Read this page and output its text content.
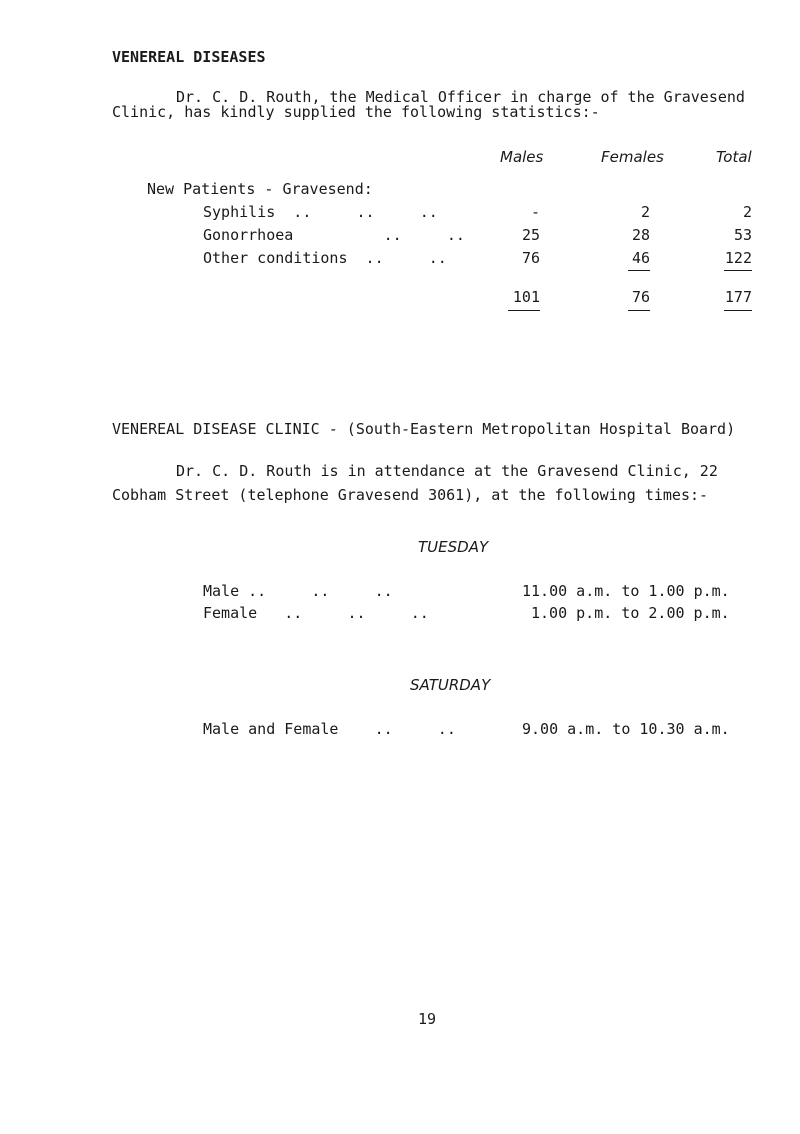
VENEREAL DISEASES
Dr. C. D. Routh, the Medical Officer in charge of the Gravesend
Clinic, has kindly supplied the following statistics:-
Males	Females	Total
New Patients - Gravesend:
Syphilis  ..     ..     ..	-	2	2
Gonorrhoea          ..     ..	25	28	53
Other conditions  ..     ..	76	46	122
101	76	177
VENEREAL DISEASE CLINIC - (South-Eastern Metropolitan Hospital Board)
Dr. C. D. Routh is in attendance at the Gravesend Clinic, 22
Cobham Street (telephone Gravesend 3061), at the following times:-
TUESDAY
Male ..     ..     ..	11.00 a.m. to 1.00 p.m.
Female   ..     ..     ..	1.00 p.m. to 2.00 p.m.
SATURDAY
Male and Female    ..     ..	9.00 a.m. to 10.30 a.m.
19
